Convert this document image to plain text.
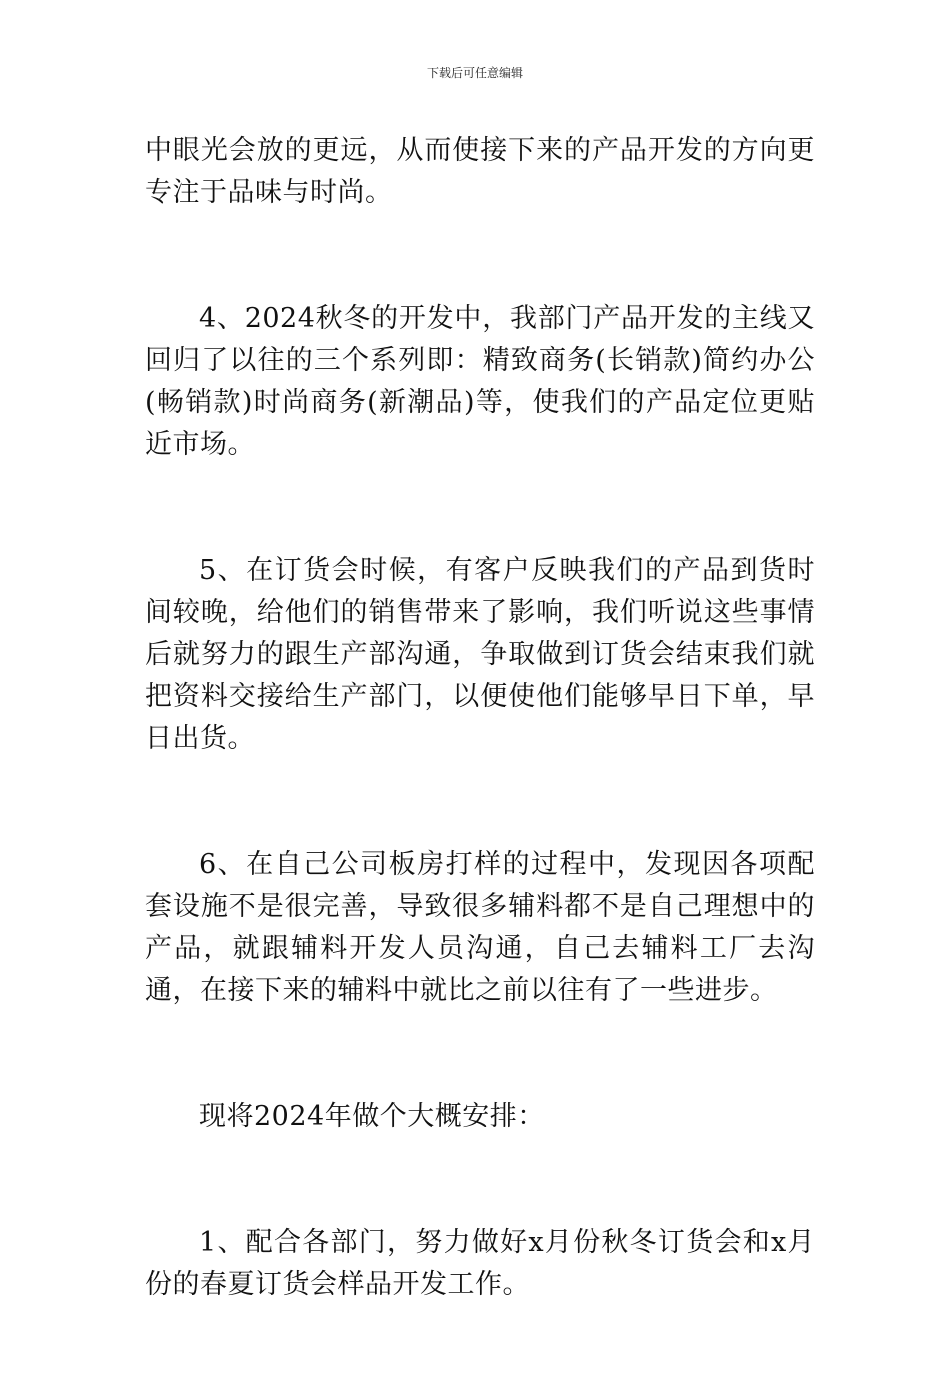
下载后可任意编辑

中眼光会放的更远，从而使接下来的产品开发的方向更专注于品味与时尚。

4、2024秋冬的开发中，我部门产品开发的主线又回归了以往的三个系列即：精致商务(长销款)简约办公(畅销款)时尚商务(新潮品)等，使我们的产品定位更贴近市场。

5、在订货会时候，有客户反映我们的产品到货时间较晚，给他们的销售带来了影响，我们听说这些事情后就努力的跟生产部沟通，争取做到订货会结束我们就把资料交接给生产部门，以便使他们能够早日下单，早日出货。

6、在自己公司板房打样的过程中，发现因各项配套设施不是很完善，导致很多辅料都不是自己理想中的产品，就跟辅料开发人员沟通，自己去辅料工厂去沟通，在接下来的辅料中就比之前以往有了一些进步。

现将2024年做个大概安排：

1、配合各部门，努力做好x月份秋冬订货会和x月份的春夏订货会样品开发工作。
